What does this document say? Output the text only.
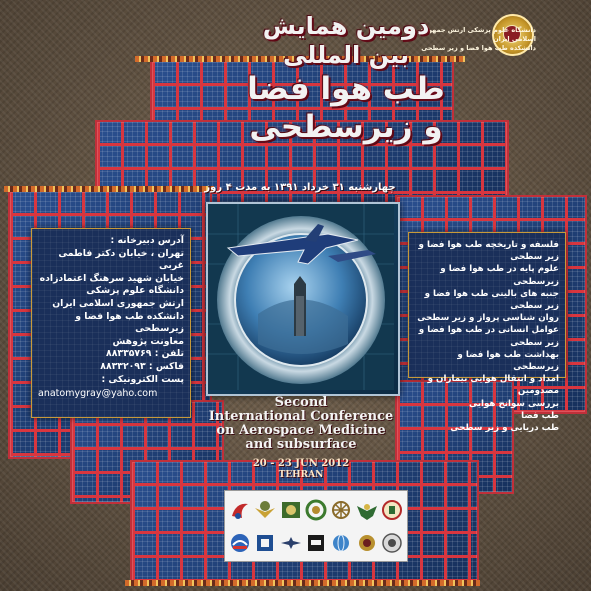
دانشگاه علوم پزشکی ارتش جمهوری اسلامی ایران
دانشکده طب هوا فضا و زیر سطحی
دومین همایش
بین المللی
طب هوا فضا
و زیرسطحی
چهارشنبه ۳۱ خرداد ۱۳۹۱ به مدت ۴ روز
آدرس دبیرخانه :
تهران ، خیابان دکتر فاطمی غربی
خیابان شهید سرهنگ اعتمادزاده
دانشگاه علوم پزشکی
ارتش جمهوری اسلامی ایران
دانشکده طب هوا فضا و زیرسطحی
معاونت پژوهش
تلفن : ۸۸۳۳۵۷۶۹
فاکس : ۸۸۳۳۲۰۹۳
پست الکترونیکی :
anatomygray@yaho.com
فلسفه و تاریخچه طب هوا فضا و زیر سطحی
علوم پایه در طب هوا فضا و زیرسطحی
جنبه های بالینی طب هوا فضا و زیر سطحی
روان شناسی پرواز و زیر سطحی
عوامل انسانی در طب هوا فضا و زیر سطحی
بهداشت طب هوا فضا و زیرسطحی
امداد و انتقال هوایی بیماران و مصدومین
بررسی سوانح هوایی
طب فضا
طب دریایی و زیر سطحی
Second
International Conference
on Aerospace Medicine
and subsurface
20 - 23 JUN 2012
TEHRAN
